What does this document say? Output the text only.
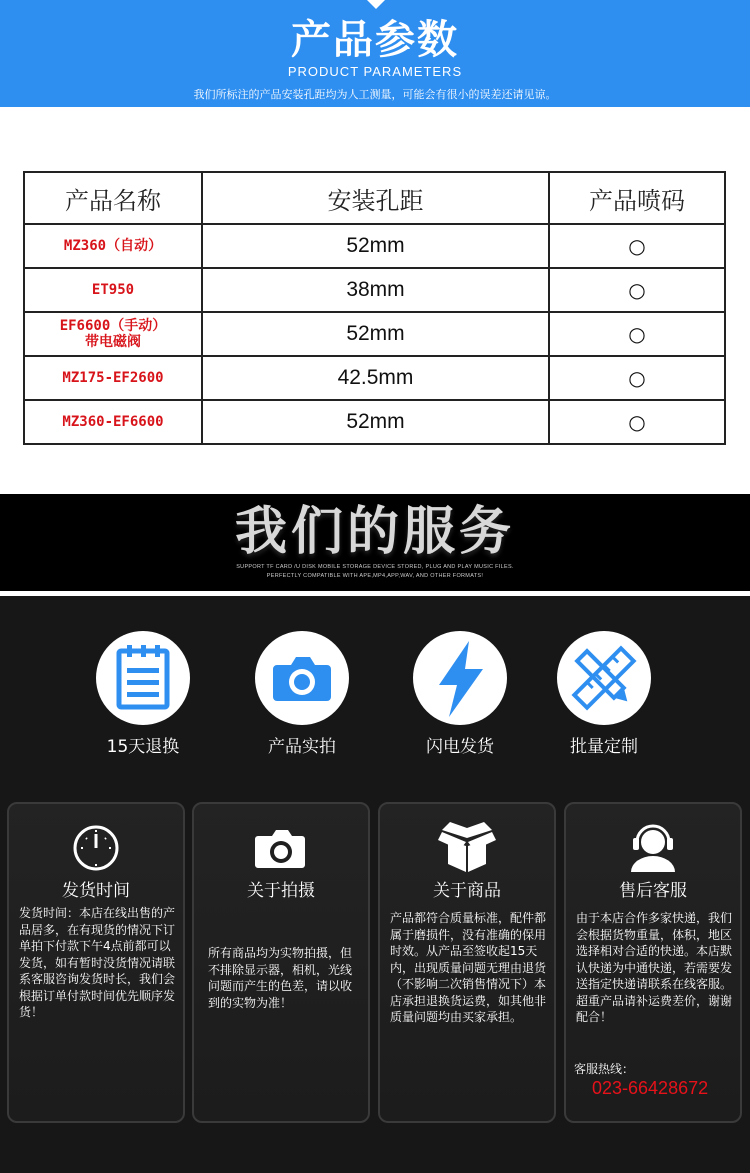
产品参数
PRODUCT PARAMETERS
我们所标注的产品安装孔距均为人工测量，可能会有很小的误差还请见谅。
产品名称	安装孔距	产品喷码
MZ360（自动）	52mm	○
ET950	38mm	○
EF6600（手动）
带电磁阀	52mm	○
MZ175-EF2600	42.5mm	○
MZ360-EF6600	52mm	○
我们的服务
SUPPORT TF CARD /U DISK MOBILE STORAGE DEVICE STORED, PLUG AND PLAY MUSIC FILES.
PERFECTLY COMPATIBLE WITH APE,MP4,APP,WAV, AND OTHER FORMATS!
15天退换	产品实拍	闪电发货	批量定制
发货时间
发货时间：本店在线出售的产品居多，在有现货的情况下订单拍下付款下午4点前都可以发货，如有暂时没货情况请联系客服咨询发货时长，我们会根据订单付款时间优先顺序发货！
关于拍摄
所有商品均为实物拍摄，但不排除显示器，相机，光线问题而产生的色差，请以收到的实物为准！
关于商品
产品都符合质量标准，配件都属于磨损件，没有准确的保用时效。从产品至签收起15天内，出现质量问题无理由退货（不影响二次销售情况下）本店承担退换货运费，如其他非质量问题均由买家承担。
售后客服
由于本店合作多家快递，我们会根据货物重量，体积，地区选择相对合适的快递。本店默认快递为中通快递，若需要发送指定快递请联系在线客服。超重产品请补运费差价，谢谢配合！
客服热线：
023-66428672
